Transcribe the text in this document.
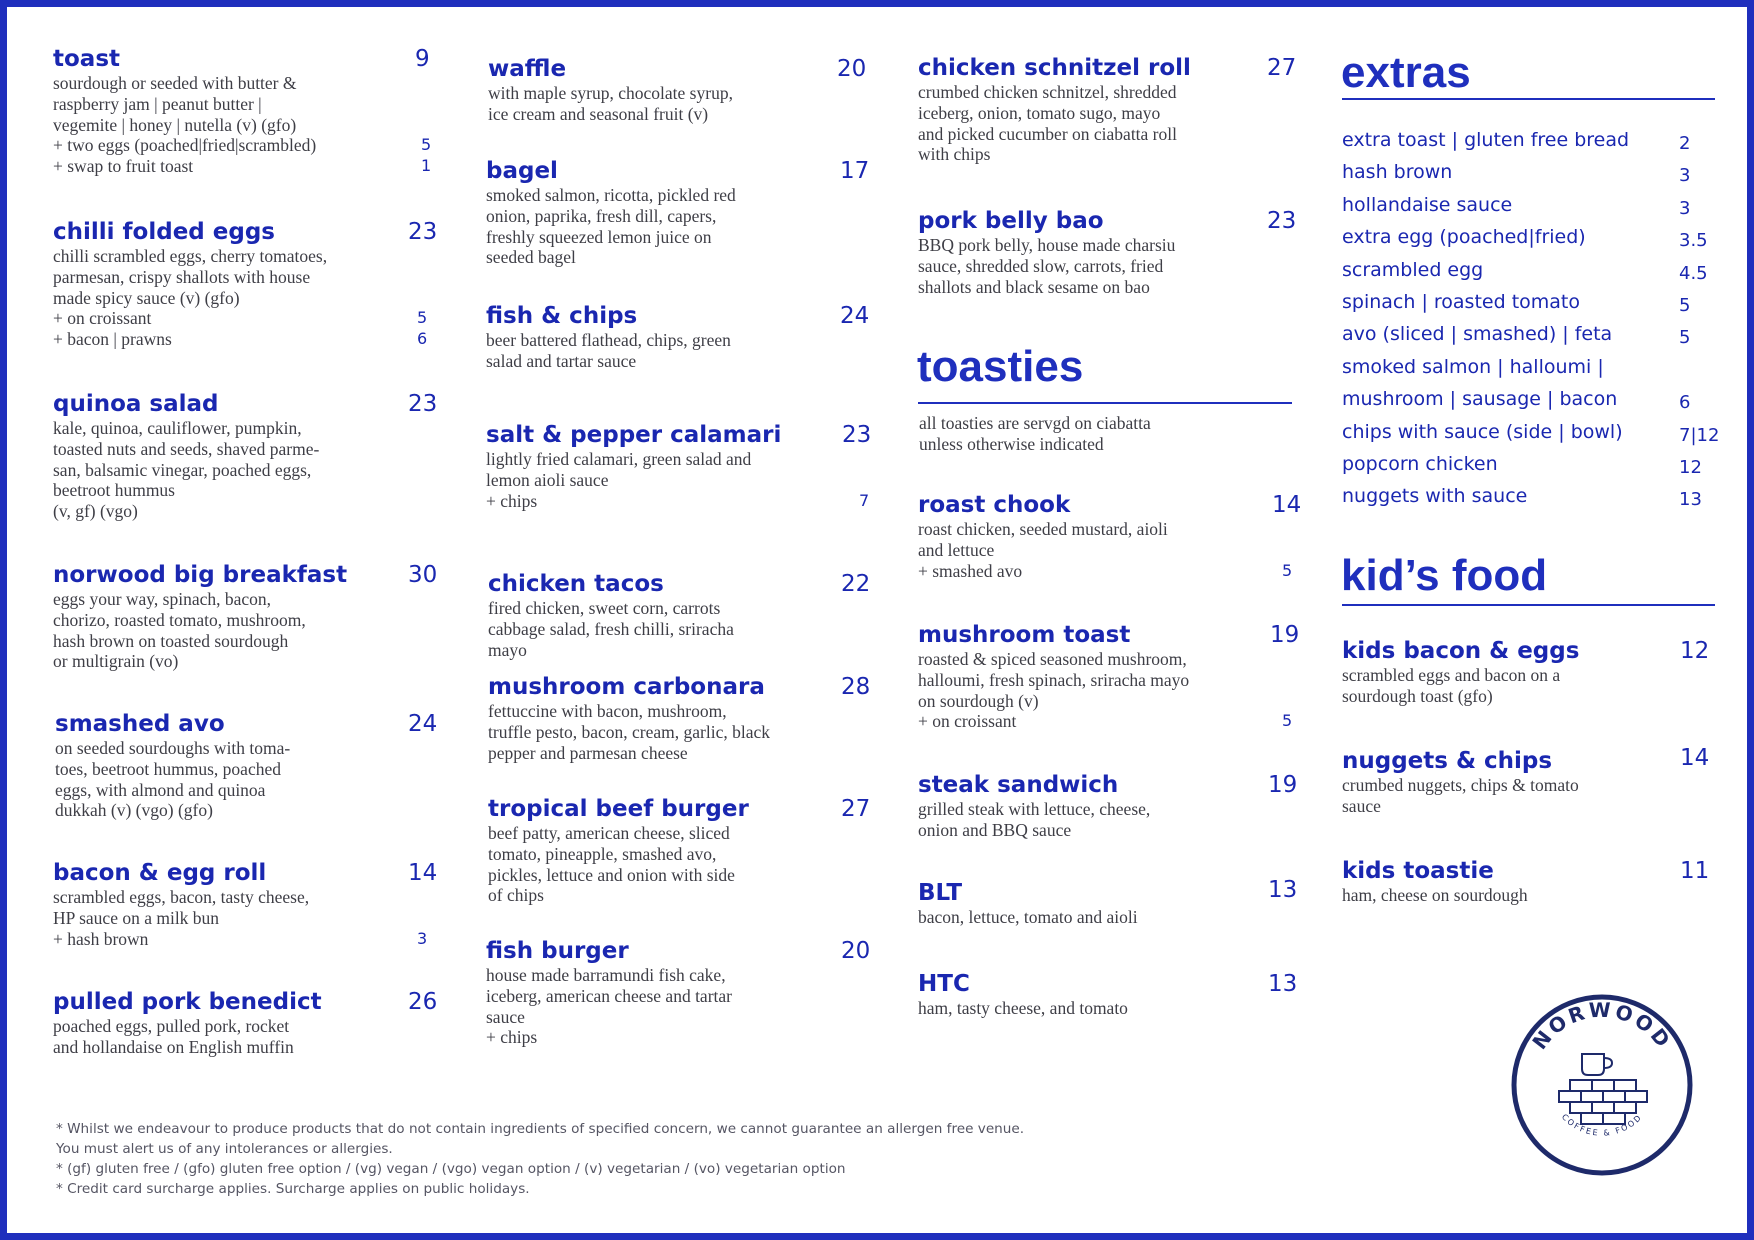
toast	9
sourdough or seeded with butter &
raspberry jam | peanut butter |
vegemite | honey | nutella (v) (gfo)
+ two eggs (poached|fried|scrambled)	5
+ swap to fruit toast	1
chilli folded eggs	23
chilli scrambled eggs, cherry tomatoes,
parmesan, crispy shallots with house
made spicy sauce (v) (gfo)
+ on croissant	5
+ bacon | prawns	6
quinoa salad	23
kale, quinoa, cauliflower, pumpkin,
toasted nuts and seeds, shaved parme-
san, balsamic vinegar, poached eggs,
beetroot hummus
(v, gf) (vgo)
norwood big breakfast	30
eggs your way, spinach, bacon,
chorizo, roasted tomato, mushroom,
hash brown on toasted sourdough
or multigrain (vo)
smashed avo	24
on seeded sourdoughs with toma-
toes, beetroot hummus, poached
eggs, with almond and quinoa
dukkah (v) (vgo) (gfo)
bacon & egg roll	14
scrambled eggs, bacon, tasty cheese,
HP sauce on a milk bun
+ hash brown	3
pulled pork benedict	26
poached eggs, pulled pork, rocket
and hollandaise on English muffin
waffle	20
with maple syrup, chocolate syrup,
ice cream and seasonal fruit (v)
bagel	17
smoked salmon, ricotta, pickled red
onion, paprika, fresh dill, capers,
freshly squeezed lemon juice on
seeded bagel
fish & chips	24
beer battered flathead, chips, green
salad and tartar sauce
salt & pepper calamari	23
lightly fried calamari, green salad and
lemon aioli sauce
+ chips	7
chicken tacos	22
fired chicken, sweet corn, carrots
cabbage salad, fresh chilli, sriracha
mayo
mushroom carbonara	28
fettuccine with bacon, mushroom,
truffle pesto, bacon, cream, garlic, black
pepper and parmesan cheese
tropical beef burger	27
beef patty, american cheese, sliced
tomato, pineapple, smashed avo,
pickles, lettuce and onion with side
of chips
fish burger	20
house made barramundi fish cake,
iceberg, american cheese and tartar
sauce
+ chips
chicken schnitzel roll	27
crumbed chicken schnitzel, shredded
iceberg, onion, tomato sugo, mayo
and picked cucumber on ciabatta roll
with chips
pork belly bao	23
BBQ pork belly, house made charsiu
sauce, shredded slow, carrots, fried
shallots and black sesame on bao
toasties
all toasties are servgd on ciabatta
unless otherwise indicated
roast chook	14
roast chicken, seeded mustard, aioli
and lettuce
+ smashed avo	5
mushroom toast	19
roasted & spiced seasoned mushroom,
halloumi, fresh spinach, sriracha mayo
on sourdough (v)
+ on croissant	5
steak sandwich	19
grilled steak with lettuce, cheese,
onion and BBQ sauce
BLT	13
bacon, lettuce, tomato and aioli
HTC	13
ham, tasty cheese, and tomato
extras
extra toast | gluten free bread	2
hash brown	3
hollandaise sauce	3
extra egg (poached|fried)	3.5
scrambled egg	4.5
spinach | roasted tomato	5
avo (sliced | smashed) | feta	5
smoked salmon | halloumi |
mushroom | sausage | bacon	6
chips with sauce (side | bowl)	7|12
popcorn chicken	12
nuggets with sauce	13
kid’s food
kids bacon & eggs	12
scrambled eggs and bacon on a
sourdough toast (gfo)
nuggets & chips	14
crumbed nuggets, chips & tomato
sauce
kids toastie	11
ham, cheese on sourdough
NORWOOD
COFFEE & FOOD
* Whilst we endeavour to produce products that do not contain ingredients of specified concern, we cannot guarantee an allergen free venue.
You must alert us of any intolerances or allergies.
* (gf) gluten free / (gfo) gluten free option / (vg) vegan / (vgo) vegan option / (v) vegetarian / (vo) vegetarian option
* Credit card surcharge applies. Surcharge applies on public holidays.
